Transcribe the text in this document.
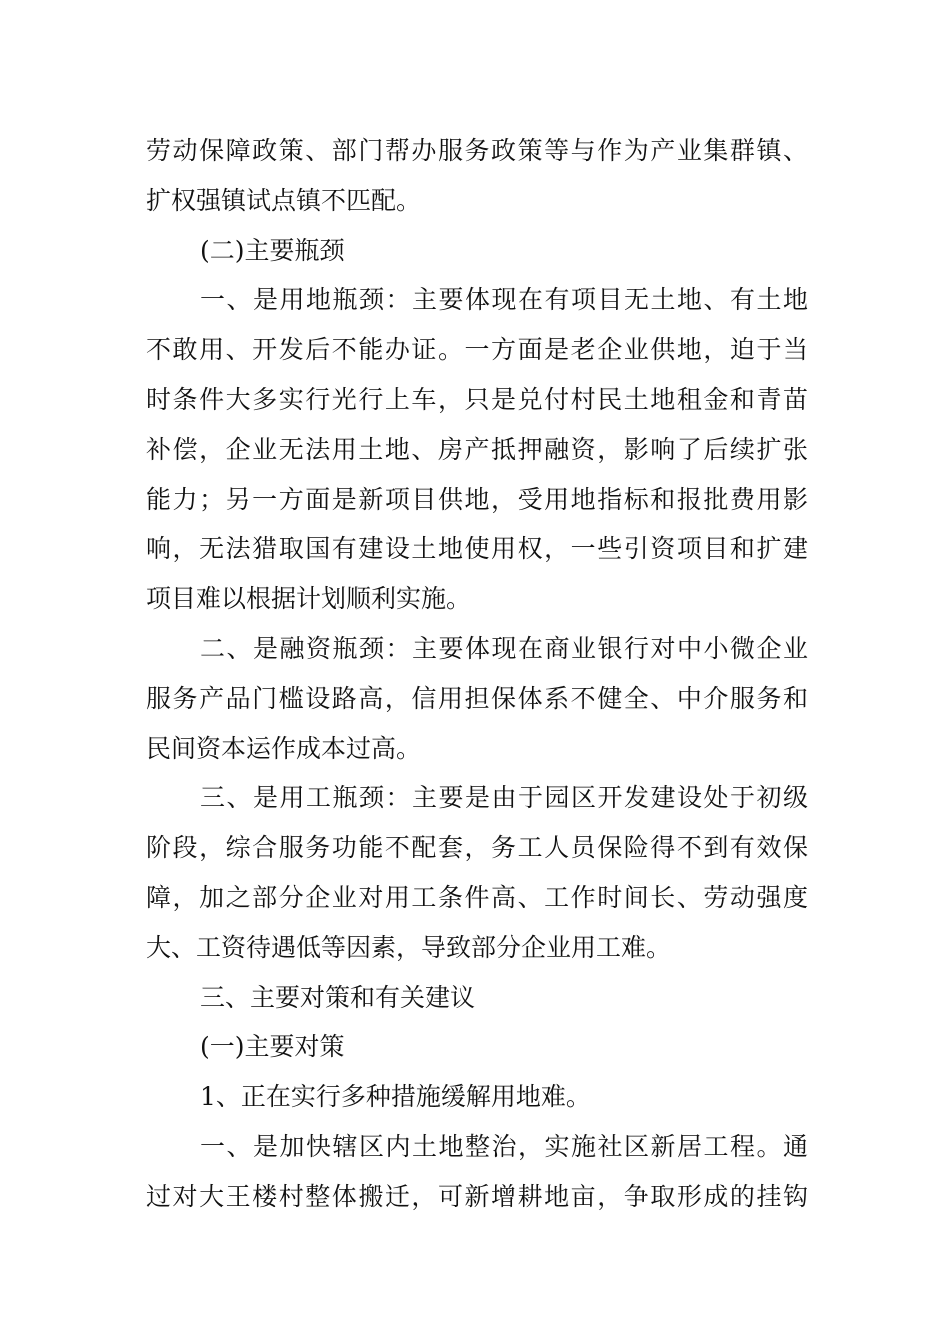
劳动保障政策、部门帮办服务政策等与作为产业集群镇、
扩权强镇试点镇不匹配。
(二)主要瓶颈
一、是用地瓶颈：主要体现在有项目无土地、有土地
不敢用、开发后不能办证。一方面是老企业供地，迫于当
时条件大多实行光行上车，只是兑付村民土地租金和青苗
补偿，企业无法用土地、房产抵押融资，影响了后续扩张
能力；另一方面是新项目供地，受用地指标和报批费用影
响，无法猎取国有建设土地使用权，一些引资项目和扩建
项目难以根据计划顺利实施。
二、是融资瓶颈：主要体现在商业银行对中小微企业
服务产品门槛设路高，信用担保体系不健全、中介服务和
民间资本运作成本过高。
三、是用工瓶颈：主要是由于园区开发建设处于初级
阶段，综合服务功能不配套，务工人员保险得不到有效保
障，加之部分企业对用工条件高、工作时间长、劳动强度
大、工资待遇低等因素，导致部分企业用工难。
三、主要对策和有关建议
(一)主要对策
1、正在实行多种措施缓解用地难。
一、是加快辖区内土地整治，实施社区新居工程。通
过对大王楼村整体搬迁，可新增耕地亩，争取形成的挂钩
